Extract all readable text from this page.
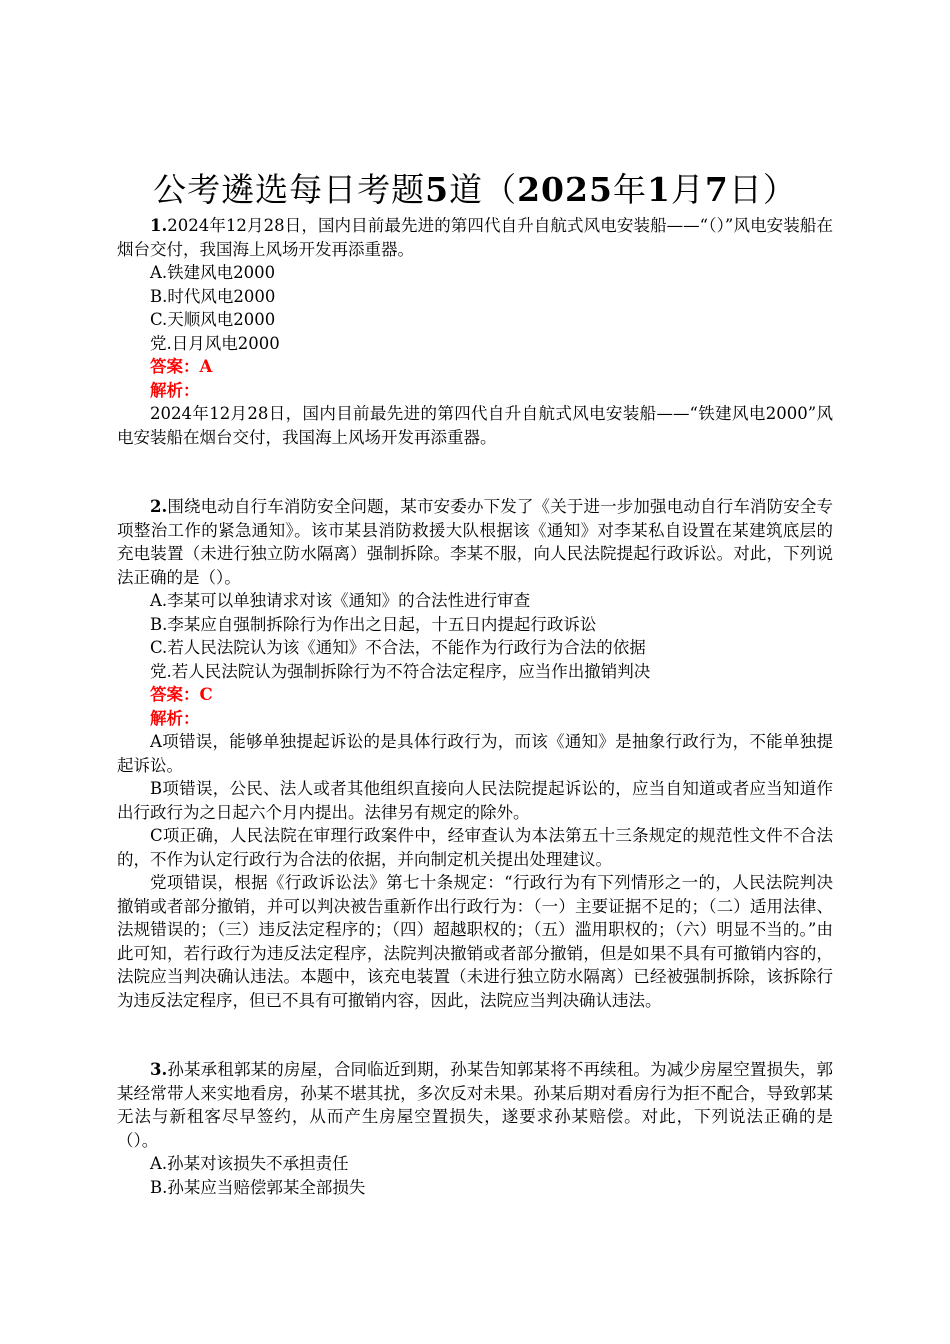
公考遴选每日考题5道（2025年1月7日）

1.2024年12月28日，国内目前最先进的第四代自升自航式风电安装船——“（）”风电安装船在烟台交付，我国海上风场开发再添重器。

A.铁建风电2000

B.时代风电2000

C.天顺风电2000

党.日月风电2000

答案：A

解析：

2024年12月28日，国内目前最先进的第四代自升自航式风电安装船——“铁建风电2000”风电安装船在烟台交付，我国海上风场开发再添重器。

2.围绕电动自行车消防安全问题，某市安委办下发了《关于进一步加强电动自行车消防安全专项整治工作的紧急通知》。该市某县消防救援大队根据该《通知》对李某私自设置在某建筑底层的充电装置（未进行独立防水隔离）强制拆除。李某不服，向人民法院提起行政诉讼。对此，下列说法正确的是（）。

A.李某可以单独请求对该《通知》的合法性进行审查

B.李某应自强制拆除行为作出之日起，十五日内提起行政诉讼

C.若人民法院认为该《通知》不合法，不能作为行政行为合法的依据

党.若人民法院认为强制拆除行为不符合法定程序，应当作出撤销判决

答案：C

解析：

A项错误，能够单独提起诉讼的是具体行政行为，而该《通知》是抽象行政行为，不能单独提起诉讼。

B项错误，公民、法人或者其他组织直接向人民法院提起诉讼的，应当自知道或者应当知道作出行政行为之日起六个月内提出。法律另有规定的除外。

C项正确，人民法院在审理行政案件中，经审查认为本法第五十三条规定的规范性文件不合法的，不作为认定行政行为合法的依据，并向制定机关提出处理建议。

党项错误，根据《行政诉讼法》第七十条规定：“行政行为有下列情形之一的，人民法院判决撤销或者部分撤销，并可以判决被告重新作出行政行为：（一）主要证据不足的；（二）适用法律、法规错误的；（三）违反法定程序的；（四）超越职权的；（五）滥用职权的；（六）明显不当的。”由此可知，若行政行为违反法定程序，法院判决撤销或者部分撤销，但是如果不具有可撤销内容的，法院应当判决确认违法。本题中，该充电装置（未进行独立防水隔离）已经被强制拆除，该拆除行为违反法定程序，但已不具有可撤销内容，因此，法院应当判决确认违法。

3.孙某承租郭某的房屋，合同临近到期，孙某告知郭某将不再续租。为减少房屋空置损失，郭某经常带人来实地看房，孙某不堪其扰，多次反对未果。孙某后期对看房行为拒不配合，导致郭某无法与新租客尽早签约，从而产生房屋空置损失，遂要求孙某赔偿。对此，下列说法正确的是（）。

A.孙某对该损失不承担责任

B.孙某应当赔偿郭某全部损失
